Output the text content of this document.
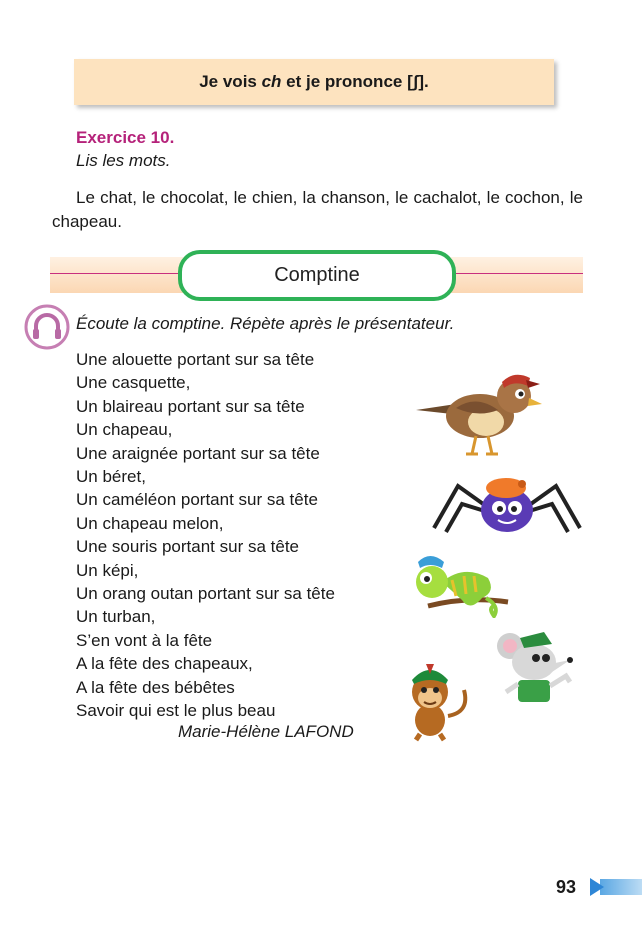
Je vois ch et je prononce [ʃ].
Exercice 10.
Lis les mots.
Le chat, le chocolat, le chien, la chanson, le cachalot, le cochon, le chapeau.
Comptine
Écoute la comptine. Répète après le présentateur.
Une alouette portant sur sa tête
Une casquette,
Un blaireau portant sur sa tête
Un chapeau,
Une araignée portant sur sa tête
Un béret,
Un caméléon portant sur sa tête
Un chapeau melon,
Une souris portant sur sa tête
Un képi,
Un orang outan portant sur sa tête
Un turban,
S’en vont à la fête
A la fête des chapeaux,
A la fête des bébêtes
Savoir qui est le plus beau
Marie-Hélène LAFOND
93
